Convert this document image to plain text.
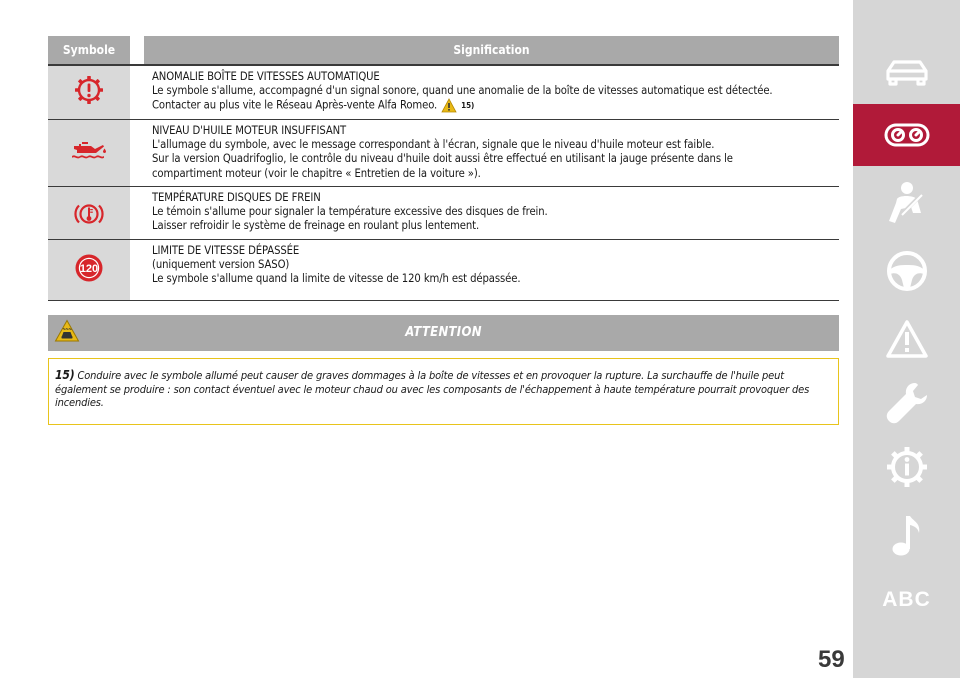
Symbole	Signification

ANOMALIE BOÎTE DE VITESSES AUTOMATIQUE

Le symbole s'allume, accompagné d'un signal sonore, quand une anomalie de la boîte de vitesses automatique est détectée.

Contacter au plus vite le Réseau Après-vente Alfa Romeo.	15)

NIVEAU D'HUILE MOTEUR INSUFFISANT

L'allumage du symbole, avec le message correspondant à l'écran, signale que le niveau d'huile moteur est faible.

Sur la version Quadrifoglio, le contrôle du niveau d'huile doit aussi être effectué en utilisant la jauge présente dans le

compartiment moteur (voir le chapitre « Entretien de la voiture »).

TEMPÉRATURE DISQUES DE FREIN

Le témoin s'allume pour signaler la température excessive des disques de frein.

Laisser refroidir le système de freinage en roulant plus lentement.

120

LIMITE DE VITESSE DÉPASSÉE

(uniquement version SASO)

Le symbole s'allume quand la limite de vitesse de 120 km/h est dépassée.

ATTENTION
15) Conduire avec le symbole allumé peut causer de graves dommages à la boîte de vitesses et en provoquer la rupture. La surchauffe de l'huile peut également se produire : son contact éventuel avec le moteur chaud ou avec les composants de l'échappement à haute température pourrait provoquer des incendies.
ABC
59
